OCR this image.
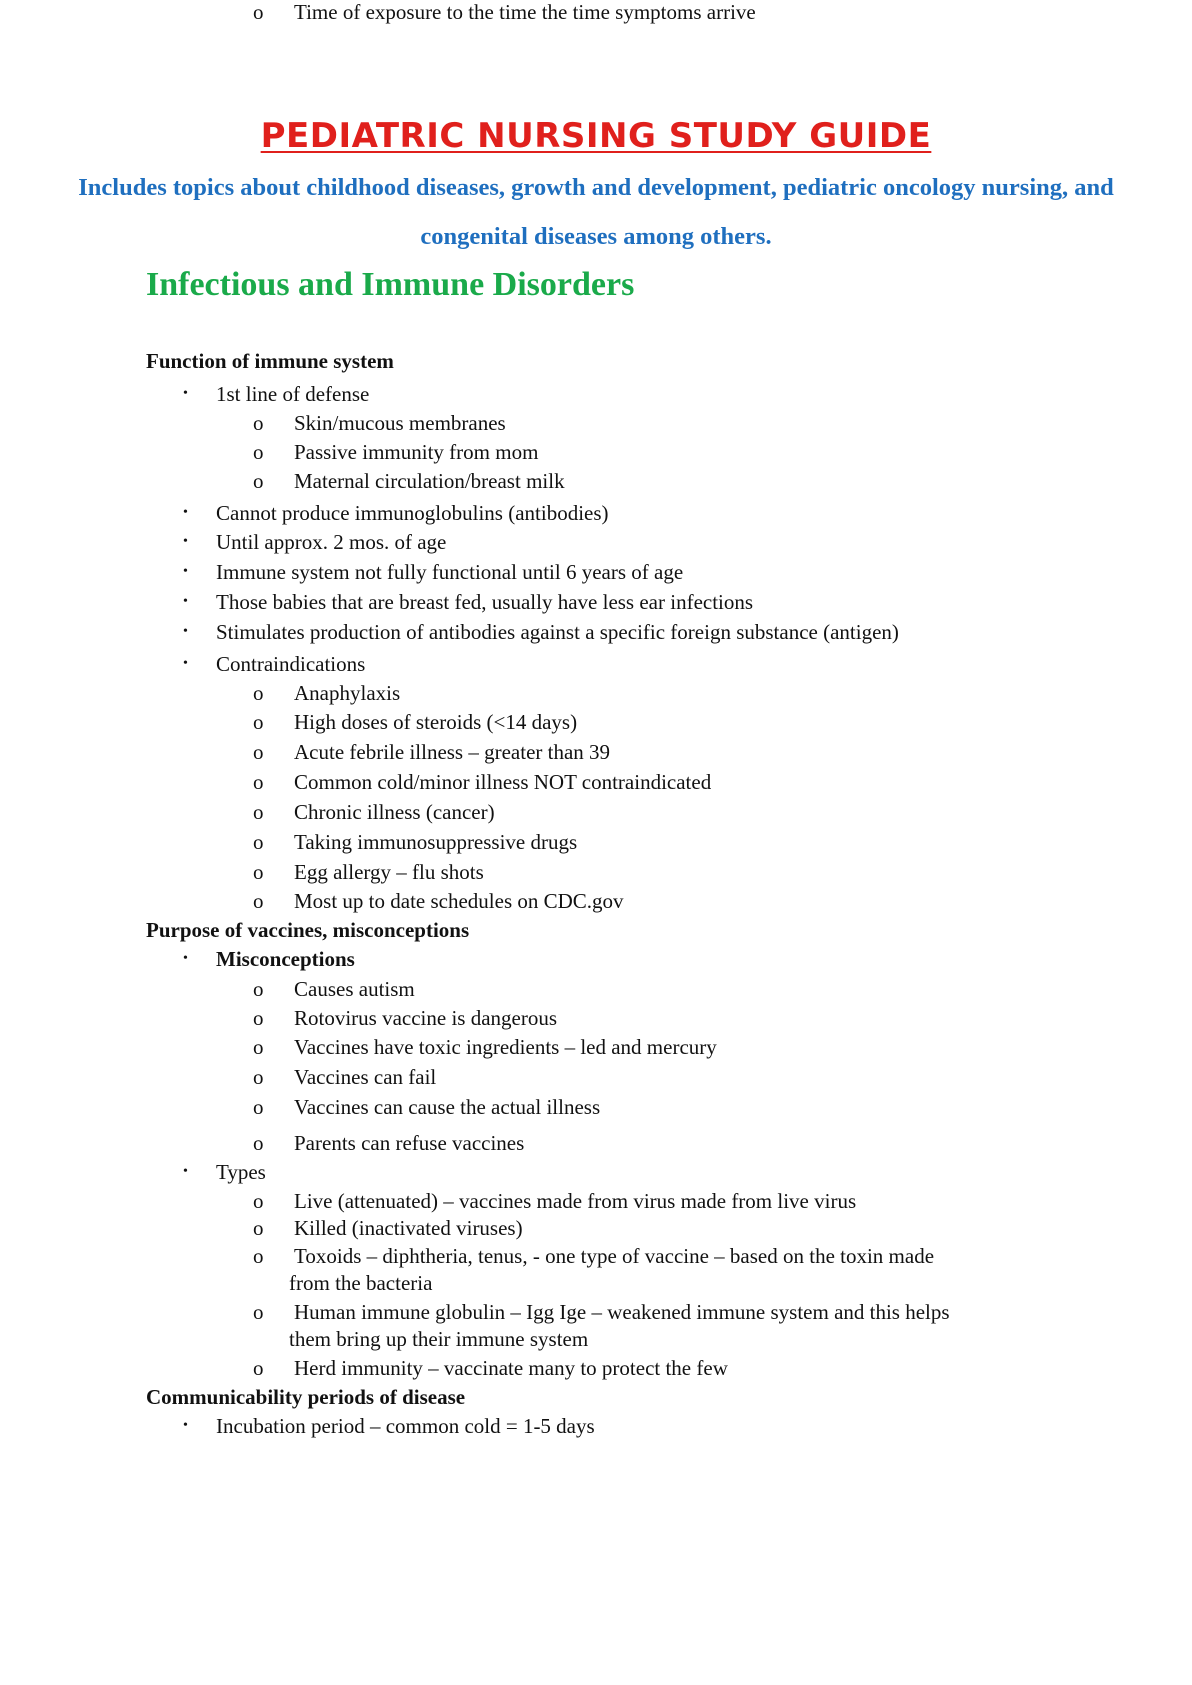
PEDIATRIC NURSING STUDY GUIDE

Includes topics about childhood diseases, growth and development, pediatric oncology nursing, and congenital diseases among others.

Infectious and Immune Disorders
Function of immune system
• 1st line of defense
o Skin/mucous membranes
o Passive immunity from mom
o Maternal circulation/breast milk
• Cannot produce immunoglobulins (antibodies)
• Until approx. 2 mos. of age
• Immune system not fully functional until 6 years of age
• Those babies that are breast fed, usually have less ear infections
• Stimulates production of antibodies against a specific foreign substance (antigen)
• Contraindications
o Anaphylaxis
o High doses of steroids (<14 days)
o Acute febrile illness – greater than 39
o Common cold/minor illness NOT contraindicated
o Chronic illness (cancer)
o Taking immunosuppressive drugs
o Egg allergy – flu shots
o Most up to date schedules on CDC.gov
Purpose of vaccines, misconceptions
• Misconceptions
o Causes autism
o Rotovirus vaccine is dangerous
o Vaccines have toxic ingredients – led and mercury
o Vaccines can fail
o Vaccines can cause the actual illness
o Parents can refuse vaccines
• Types
o Live (attenuated) – vaccines made from virus made from live virus
o Killed (inactivated viruses)
o Toxoids – diphtheria, tenus, - one type of vaccine – based on the toxin made
from the bacteria
o Human immune globulin – Igg Ige – weakened immune system and this helps
them bring up their immune system
o Herd immunity – vaccinate many to protect the few
Communicability periods of disease
• Incubation period – common cold = 1-5 days
o Time of exposure to the time the time symptoms arrive
